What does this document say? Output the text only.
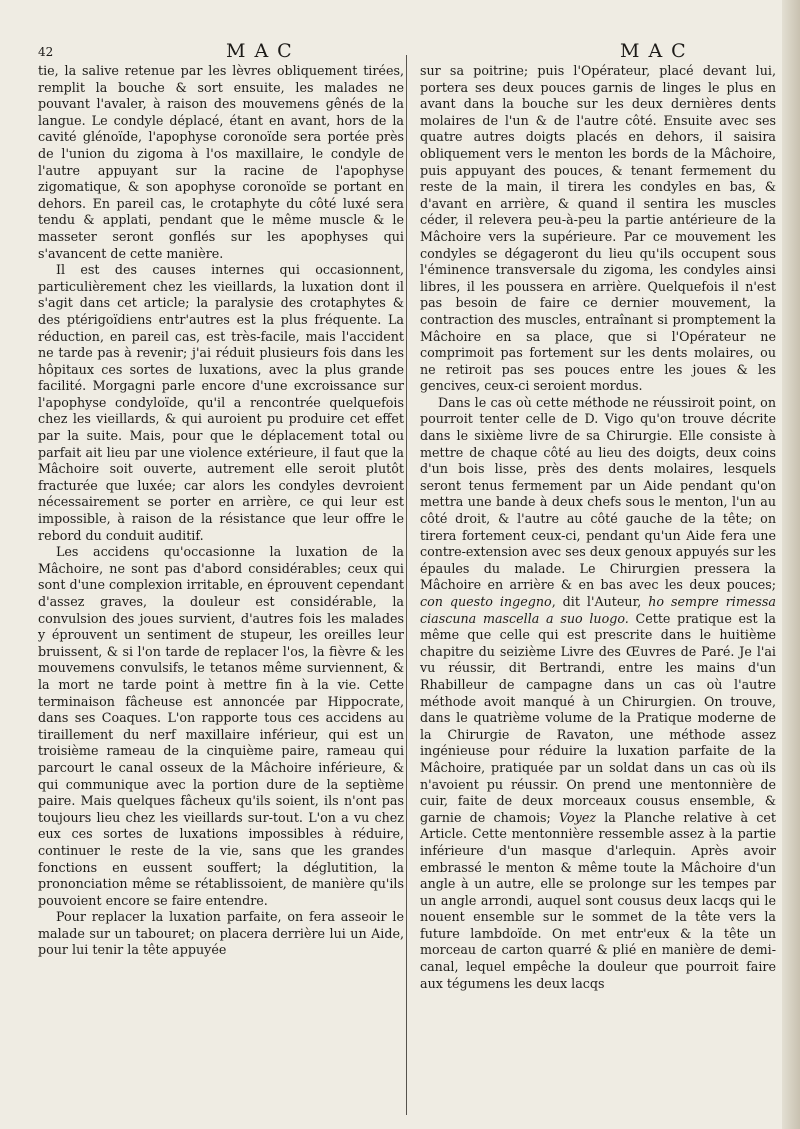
42	MAC	MAC

tie, la salive retenue par les lèvres obliquement tirées, remplit la bouche & sort ensuite, les malades ne pouvant l'avaler, à raison des mouvemens gênés de la langue. Le condyle déplacé, étant en avant, hors de la cavité glénoïde, l'apophyse coronoïde sera portée près de l'union du zigoma à l'os maxillaire, le condyle de l'autre appuyant sur la racine de l'apophyse zigomatique, & son apophyse coronoïde se portant en dehors. En pareil cas, le crotaphyte du côté luxé sera tendu & applati, pendant que le même muscle & le masseter seront gonflés sur les apophyses qui s'avancent de cette manière.

Il est des causes internes qui occasionnent, particulièrement chez les vieillards, la luxation dont il s'agit dans cet article; la paralysie des crotaphytes & des ptérigoïdiens entr'autres est la plus fréquente. La réduction, en pareil cas, est très-facile, mais l'accident ne tarde pas à revenir; j'ai réduit plusieurs fois dans les hôpitaux ces sortes de luxations, avec la plus grande facilité. Morgagni parle encore d'une excroissance sur l'apophyse condyloïde, qu'il a rencontrée quelquefois chez les vieillards, & qui auroient pu produire cet effet par la suite. Mais, pour que le déplacement total ou parfait ait lieu par une violence extérieure, il faut que la Mâchoire soit ouverte, autrement elle seroit plutôt fracturée que luxée; car alors les condyles devroient nécessairement se porter en arrière, ce qui leur est impossible, à raison de la résistance que leur offre le rebord du conduit auditif.

Les accidens qu'occasionne la luxation de la Mâchoire, ne sont pas d'abord considérables; ceux qui sont d'une complexion irritable, en éprouvent cependant d'assez graves, la douleur est considérable, la convulsion des joues survient, d'autres fois les malades y éprouvent un sentiment de stupeur, les oreilles leur bruissent, & si l'on tarde de replacer l'os, la fièvre & les mouvemens convulsifs, le tetanos même surviennent, & la mort ne tarde point à mettre fin à la vie. Cette terminaison fâcheuse est annoncée par Hippocrate, dans ses Coaques. L'on rapporte tous ces accidens au tiraillement du nerf maxillaire inférieur, qui est un troisième rameau de la cinquième paire, rameau qui parcourt le canal osseux de la Mâchoire inférieure, & qui communique avec la portion dure de la septième paire. Mais quelques fâcheux qu'ils soient, ils n'ont pas toujours lieu chez les vieillards sur-tout. L'on a vu chez eux ces sortes de luxations impossibles à réduire, continuer le reste de la vie, sans que les grandes fonctions en eussent souffert; la déglutition, la prononciation même se rétablissoient, de manière qu'ils pouvoient encore se faire entendre.

Pour replacer la luxation parfaite, on fera asseoir le malade sur un tabouret; on placera derrière lui un Aide, pour lui tenir la tête appuyée

sur sa poitrine; puis l'Opérateur, placé devant lui, portera ses deux pouces garnis de linges le plus en avant dans la bouche sur les deux dernières dents molaires de l'un & de l'autre côté. Ensuite avec ses quatre autres doigts placés en dehors, il saisira obliquement vers le menton les bords de la Mâchoire, puis appuyant des pouces, & tenant fermement du reste de la main, il tirera les condyles en bas, & d'avant en arrière, & quand il sentira les muscles céder, il relevera peu-à-peu la partie antérieure de la Mâchoire vers la supérieure. Par ce mouvement les condyles se dégageront du lieu qu'ils occupent sous l'éminence transversale du zigoma, les condyles ainsi libres, il les poussera en arrière. Quelquefois il n'est pas besoin de faire ce dernier mouvement, la contraction des muscles, entraînant si promptement la Mâchoire en sa place, que si l'Opérateur ne comprimoit pas fortement sur les dents molaires, ou ne retiroit pas ses pouces entre les joues & les gencives, ceux-ci seroient mordus.

Dans le cas où cette méthode ne réussiroit point, on pourroit tenter celle de D. Vigo qu'on trouve décrite dans le sixième livre de sa Chirurgie. Elle consiste à mettre de chaque côté au lieu des doigts, deux coins d'un bois lisse, près des dents molaires, lesquels seront tenus fermement par un Aide pendant qu'on mettra une bande à deux chefs sous le menton, l'un au côté droit, & l'autre au côté gauche de la tête; on tirera fortement ceux-ci, pendant qu'un Aide fera une contre-extension avec ses deux genoux appuyés sur les épaules du malade. Le Chirurgien pressera la Mâchoire en arrière & en bas avec les deux pouces; con questo ingegno, dit l'Auteur, ho sempre rimessa ciascuna mascella a suo luogo. Cette pratique est la même que celle qui est prescrite dans le huitième chapitre du seizième Livre des Œuvres de Paré. Je l'ai vu réussir, dit Bertrandi, entre les mains d'un Rhabilleur de campagne dans un cas où l'autre méthode avoit manqué à un Chirurgien. On trouve, dans le quatrième volume de la Pratique moderne de la Chirurgie de Ravaton, une méthode assez ingénieuse pour réduire la luxation parfaite de la Mâchoire, pratiquée par un soldat dans un cas où ils n'avoient pu réussir. On prend une mentonnière de cuir, faite de deux morceaux cousus ensemble, & garnie de chamois; Voyez la Planche relative à cet Article. Cette mentonnière ressemble assez à la partie inférieure d'un masque d'arlequin. Après avoir embrassé le menton & même toute la Mâchoire d'un angle à un autre, elle se prolonge sur les tempes par un angle arrondi, auquel sont cousus deux lacqs qui le nouent ensemble sur le sommet de la tête vers la future lambdoïde. On met entr'eux & la tête un morceau de carton quarré & plié en manière de demi-canal, lequel empêche la douleur que pourroit faire aux tégumens les deux lacqs
